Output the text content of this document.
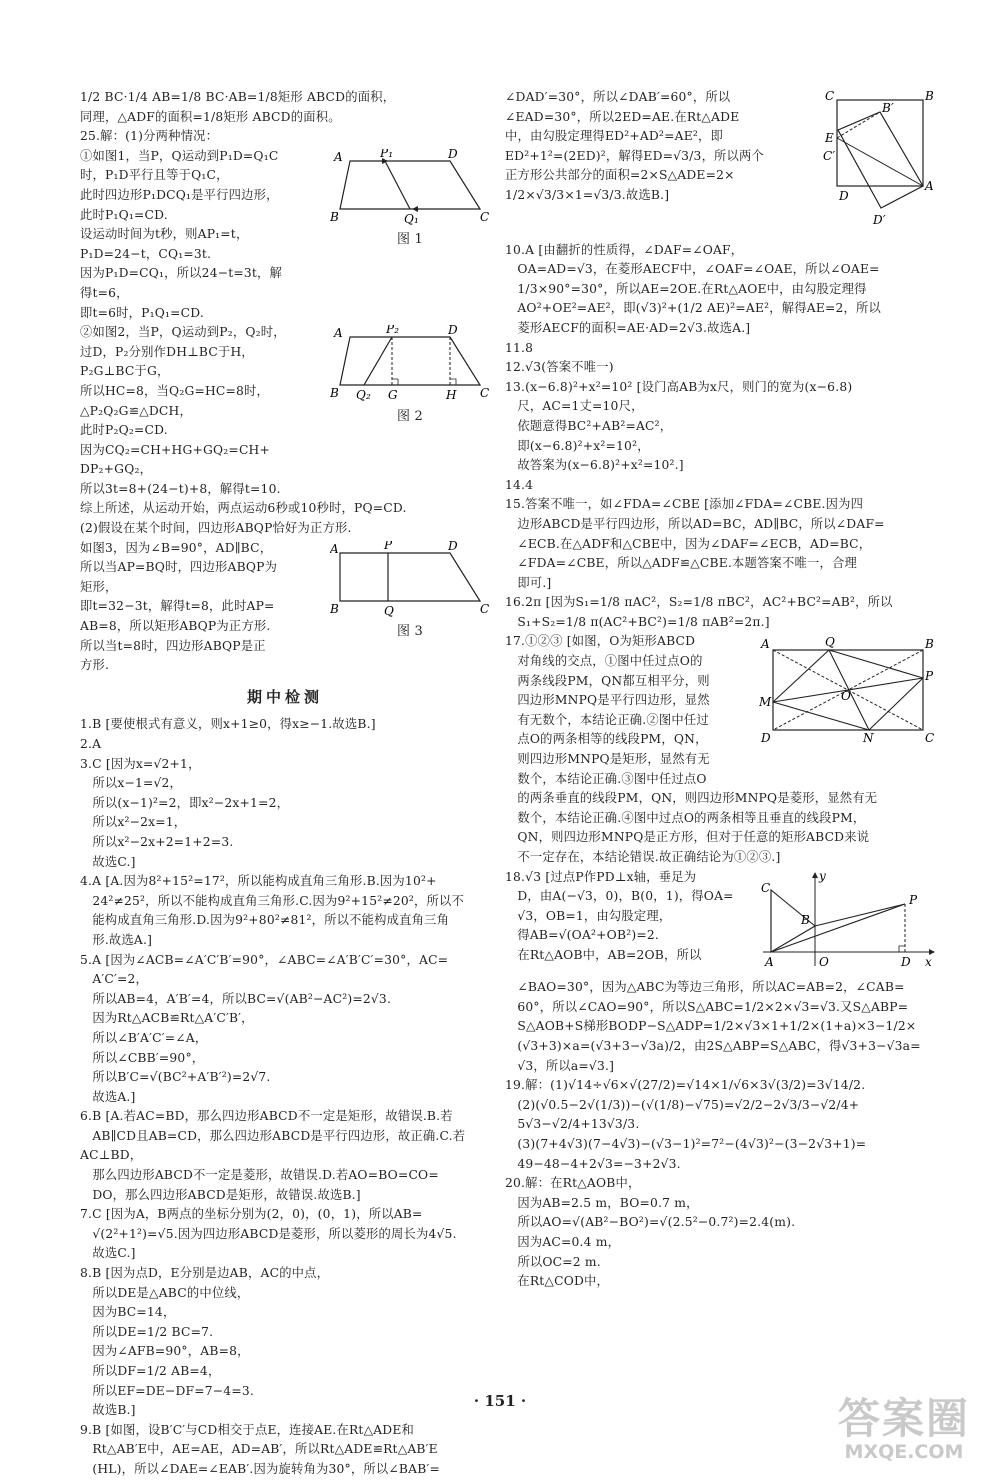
1/2 BC·1/4 AB=1/8 BC·AB=1/8矩形 ABCD的面积，

同理，△ADF的面积=1/8矩形 ABCD的面积。

25.解：(1)分两种情况：

A	P₁	D
B	Q₁	C
图 1

①如图1，当P，Q运动到P₁D=Q₁C

时，P₁D平行且等于Q₁C，

此时四边形P₁DCQ₁是平行四边形，

此时P₁Q₁=CD.

设运动时间为t秒，则AP₁=t，

P₁D=24−t，CQ₁=3t.

因为P₁D=CQ₁，所以24−t=3t，解

得t=6，

即t=6时，P₁Q₁=CD.

A	P₂	D
B Q₂ G	H C
图 2

②如图2，当P，Q运动到P₂，Q₂时，

过D，P₂分别作DH⊥BC于H，

P₂G⊥BC于G，

所以HC=8，当Q₂G=HC=8时，

△P₂Q₂G≌△DCH，

此时P₂Q₂=CD.

因为CQ₂=CH+HG+GQ₂=CH+

DP₂+GQ₂，

所以3t=8+(24−t)+8，解得t=10.

综上所述，从运动开始，两点运动6秒或10秒时，PQ=CD.

(2)假设在某个时间，四边形ABQP恰好为正方形.

A	P	D
B	Q	C
图 3

如图3，因为∠B=90°，AD∥BC，

所以当AP=BQ时，四边形ABQP为

矩形，

即t=32−3t，解得t=8，此时AP=

AB=8，所以矩形ABQP为正方形.

所以当t=8时，四边形ABQP是正

方形.

期中检测

1.B [要使根式有意义，则x+1≥0，得x≥−1.故选B.]

2.A

3.C [因为x=√2+1，

所以x−1=√2，

所以(x−1)²=2，即x²−2x+1=2，

所以x²−2x=1，

所以x²−2x+2=1+2=3.

故选C.]

4.A [A.因为8²+15²=17²，所以能构成直角三角形.B.因为10²+

24²≠25²，所以不能构成直角三角形.C.因为9²+15²≠20²，所以不

能构成直角三角形.D.因为9²+80²≠81²，所以不能构成直角三角

形.故选A.]

5.A [因为∠ACB=∠A′C′B′=90°，∠ABC=∠A′B′C′=30°，AC=

A′C′=2，

所以AB=4，A′B′=4，所以BC=√(AB²−AC²)=2√3.

因为Rt△ACB≌Rt△A′C′B′，

所以∠B′A′C′=∠A，

所以∠CBB′=90°，

所以B′C=√(BC²+A′B′²)=2√7.

故选A.]

6.B [A.若AC=BD，那么四边形ABCD不一定是矩形，故错误.B.若

AB∥CD且AB=CD，那么四边形ABCD是平行四边形，故正确.C.若AC⊥BD，

那么四边形ABCD不一定是菱形，故错误.D.若AO=BO=CO=

DO，那么四边形ABCD是矩形，故错误.故选B.]

7.C [因为A，B两点的坐标分别为(2，0)，(0，1)，所以AB=

√(2²+1²)=√5.因为四边形ABCD是菱形，所以菱形的周长为4√5.

故选C.]

8.B [因为点D，E分别是边AB，AC的中点，

所以DE是△ABC的中位线，

因为BC=14，

所以DE=1/2 BC=7.

因为∠AFB=90°，AB=8，

所以DF=1/2 AB=4，

所以EF=DE−DF=7−4=3.

故选B.]

9.B [如图，设B′C′与CD相交于点E，连接AE.在Rt△ADE和

Rt△AB′E中，AE=AE，AD=AB′，所以Rt△ADE≌Rt△AB′E

(HL)，所以∠DAE=∠EAB′.因为旋转角为30°，所以∠BAB′=

C	B
B′
E
C′
D
A
D′

∠DAD′=30°，所以∠DAB′=60°，所以

∠EAD=30°，所以2ED=AE.在Rt△ADE

中，由勾股定理得ED²+AD²=AE²，即

ED²+1²=(2ED)²，解得ED=√3/3，所以两个

正方形公共部分的面积=2×S△ADE=2×

1/2×√3/3×1=√3/3.故选B.]

10.A [由翻折的性质得，∠DAF=∠OAF，

OA=AD=√3，在菱形AECF中，∠OAF=∠OAE，所以∠OAE=

1/3×90°=30°，所以AE=2OE.在Rt△AOE中，由勾股定理得

AO²+OE²=AE²，即(√3)²+(1/2 AE)²=AE²，解得AE=2，所以

菱形AECF的面积=AE·AD=2√3.故选A.]

11.8

12.√3(答案不唯一)

13.(x−6.8)²+x²=10² [设门高AB为x尺，则门的宽为(x−6.8)

尺，AC=1丈=10尺，

依题意得BC²+AB²=AC²，

即(x−6.8)²+x²=10²，

故答案为(x−6.8)²+x²=10².]

14.4

15.答案不唯一，如∠FDA=∠CBE [添加∠FDA=∠CBE.因为四

边形ABCD是平行四边形，所以AD=BC，AD∥BC，所以∠DAF=

∠ECB.在△ADF和△CBE中，因为∠DAF=∠ECB，AD=BC，

∠FDA=∠CBE，所以△ADF≌△CBE.本题答案不唯一，合理

即可.]

16.2π [因为S₁=1/8 πAC²，S₂=1/8 πBC²，AC²+BC²=AB²，所以

S₁+S₂=1/8 π(AC²+BC²)=1/8 πAB²=2π.]

A	Q	B
M	O
P
D	N	C

17.①②③ [如图，O为矩形ABCD

对角线的交点，①图中任过点O的

两条线段PM，QN都互相平分，则

四边形MNPQ是平行四边形，显然

有无数个，本结论正确.②图中任过

点O的两条相等的线段PM，QN，

则四边形MNPQ是矩形，显然有无

数个，本结论正确.③图中任过点O

的两条垂直的线段PM，QN，则四边形MNPQ是菱形，显然有无

数个，本结论正确.④图中过点O的两条相等且垂直的线段PM，

QN，则四边形MNPQ是正方形，但对于任意的矩形ABCD来说

不一定存在，本结论错误.故正确结论为①②③.]

y
C
B
P
A	O	D x

18.√3 [过点P作PD⊥x轴，垂足为

D，由A(−√3，0)，B(0，1)，得OA=

√3，OB=1，由勾股定理，

得AB=√(OA²+OB²)=2.

在Rt△AOB中，AB=2OB，所以

∠BAO=30°，因为△ABC为等边三角形，所以AC=AB=2，∠CAB=

60°，所以∠CAO=90°，所以S△ABC=1/2×2×√3=√3.又S△ABP=

S△AOB+S梯形BODP−S△ADP=1/2×√3×1+1/2×(1+a)×3−1/2×

(√3+3)×a=(√3+3−√3a)/2，由2S△ABP=S△ABC，得√3+3−√3a=

√3，所以a=√3.]

19.解：(1)√14÷√6×√(27/2)=√14×1/√6×3√(3/2)=3√14/2.

(2)(√0.5−2√(1/3))−(√(1/8)−√75)=√2/2−2√3/3−√2/4+

5√3−√2/4+13√3/3.

(3)(7+4√3)(7−4√3)−(√3−1)²=7²−(4√3)²−(3−2√3+1)=

49−48−4+2√3=−3+2√3.

20.解：在Rt△AOB中，

因为AB=2.5 m，BO=0.7 m，

所以AO=√(AB²−BO²)=√(2.5²−0.7²)=2.4(m).

因为AC=0.4 m，

所以OC=2 m.

在Rt△COD中，

· 151 ·	答案圈
MXQE.COM
